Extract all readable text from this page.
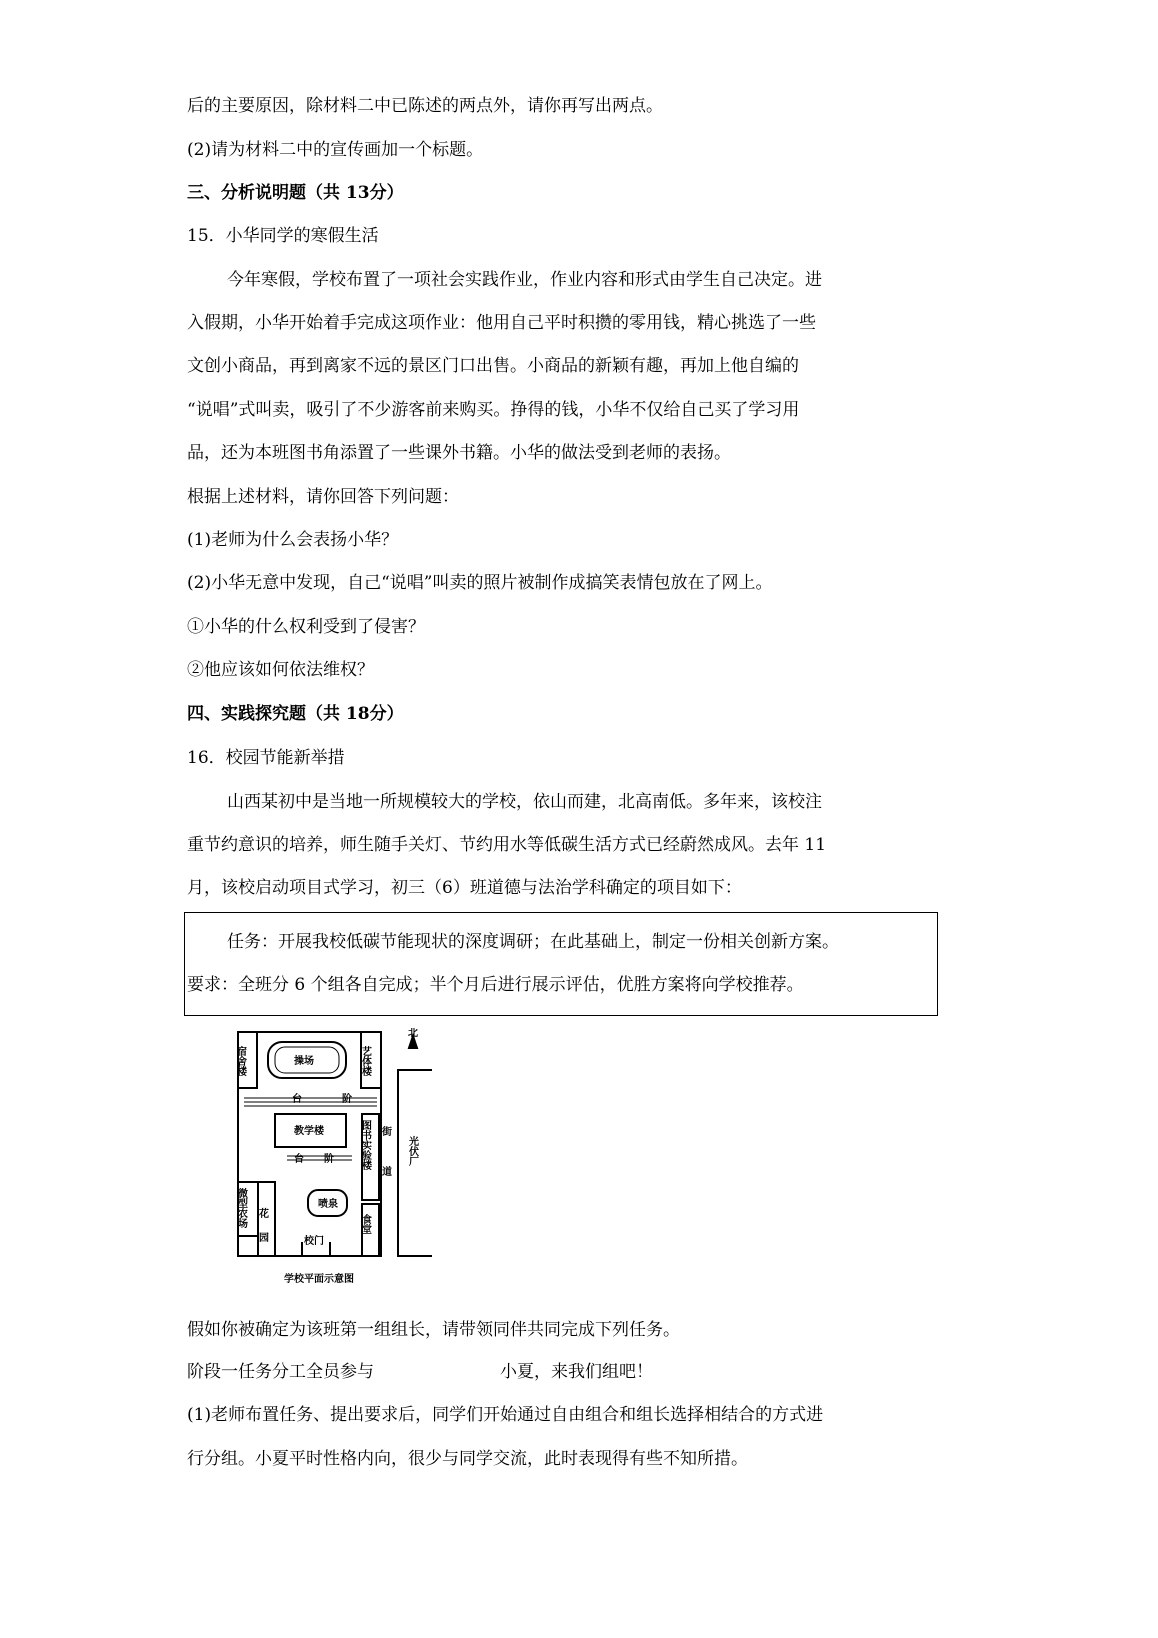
后的主要原因，除材料二中已陈述的两点外，请你再写出两点。
(2)请为材料二中的宣传画加一个标题。
三、分析说明题（共 13分）
15．小华同学的寒假生活
今年寒假，学校布置了一项社会实践作业，作业内容和形式由学生自己决定。进
入假期，小华开始着手完成这项作业：他用自己平时积攒的零用钱，精心挑选了一些
文创小商品，再到离家不远的景区门口出售。小商品的新颖有趣，再加上他自编的
“说唱”式叫卖，吸引了不少游客前来购买。挣得的钱，小华不仅给自己买了学习用
品，还为本班图书角添置了一些课外书籍。小华的做法受到老师的表扬。
根据上述材料，请你回答下列问题：
(1)老师为什么会表扬小华？
(2)小华无意中发现，自己“说唱”叫卖的照片被制作成搞笑表情包放在了网上。
①小华的什么权利受到了侵害？
②他应该如何依法维权？
四、实践探究题（共 18分）
16．校园节能新举措
山西某初中是当地一所规模较大的学校，依山而建，北高南低。多年来，该校注
重节约意识的培养，师生随手关灯、节约用水等低碳生活方式已经蔚然成风。去年 11
月，该校启动项目式学习，初三（6）班道德与法治学科确定的项目如下：
任务：开展我校低碳节能现状的深度调研；在此基础上，制定一份相关创新方案。
要求：全班分 6 个组各自完成；半个月后进行展示评估，优胜方案将向学校推荐。
宿舍楼	操场	艺体楼
台阶
教学楼
台阶 图书实验楼 街道 光伏厂
北
微型农场 花园
喷泉
食堂
校门
学校平面示意图
假如你被确定为该班第一组组长，请带领同伴共同完成下列任务。
阶段一任务分工全员参与	小夏，来我们组吧！
(1)老师布置任务、提出要求后，同学们开始通过自由组合和组长选择相结合的方式进
行分组。小夏平时性格内向，很少与同学交流，此时表现得有些不知所措。
